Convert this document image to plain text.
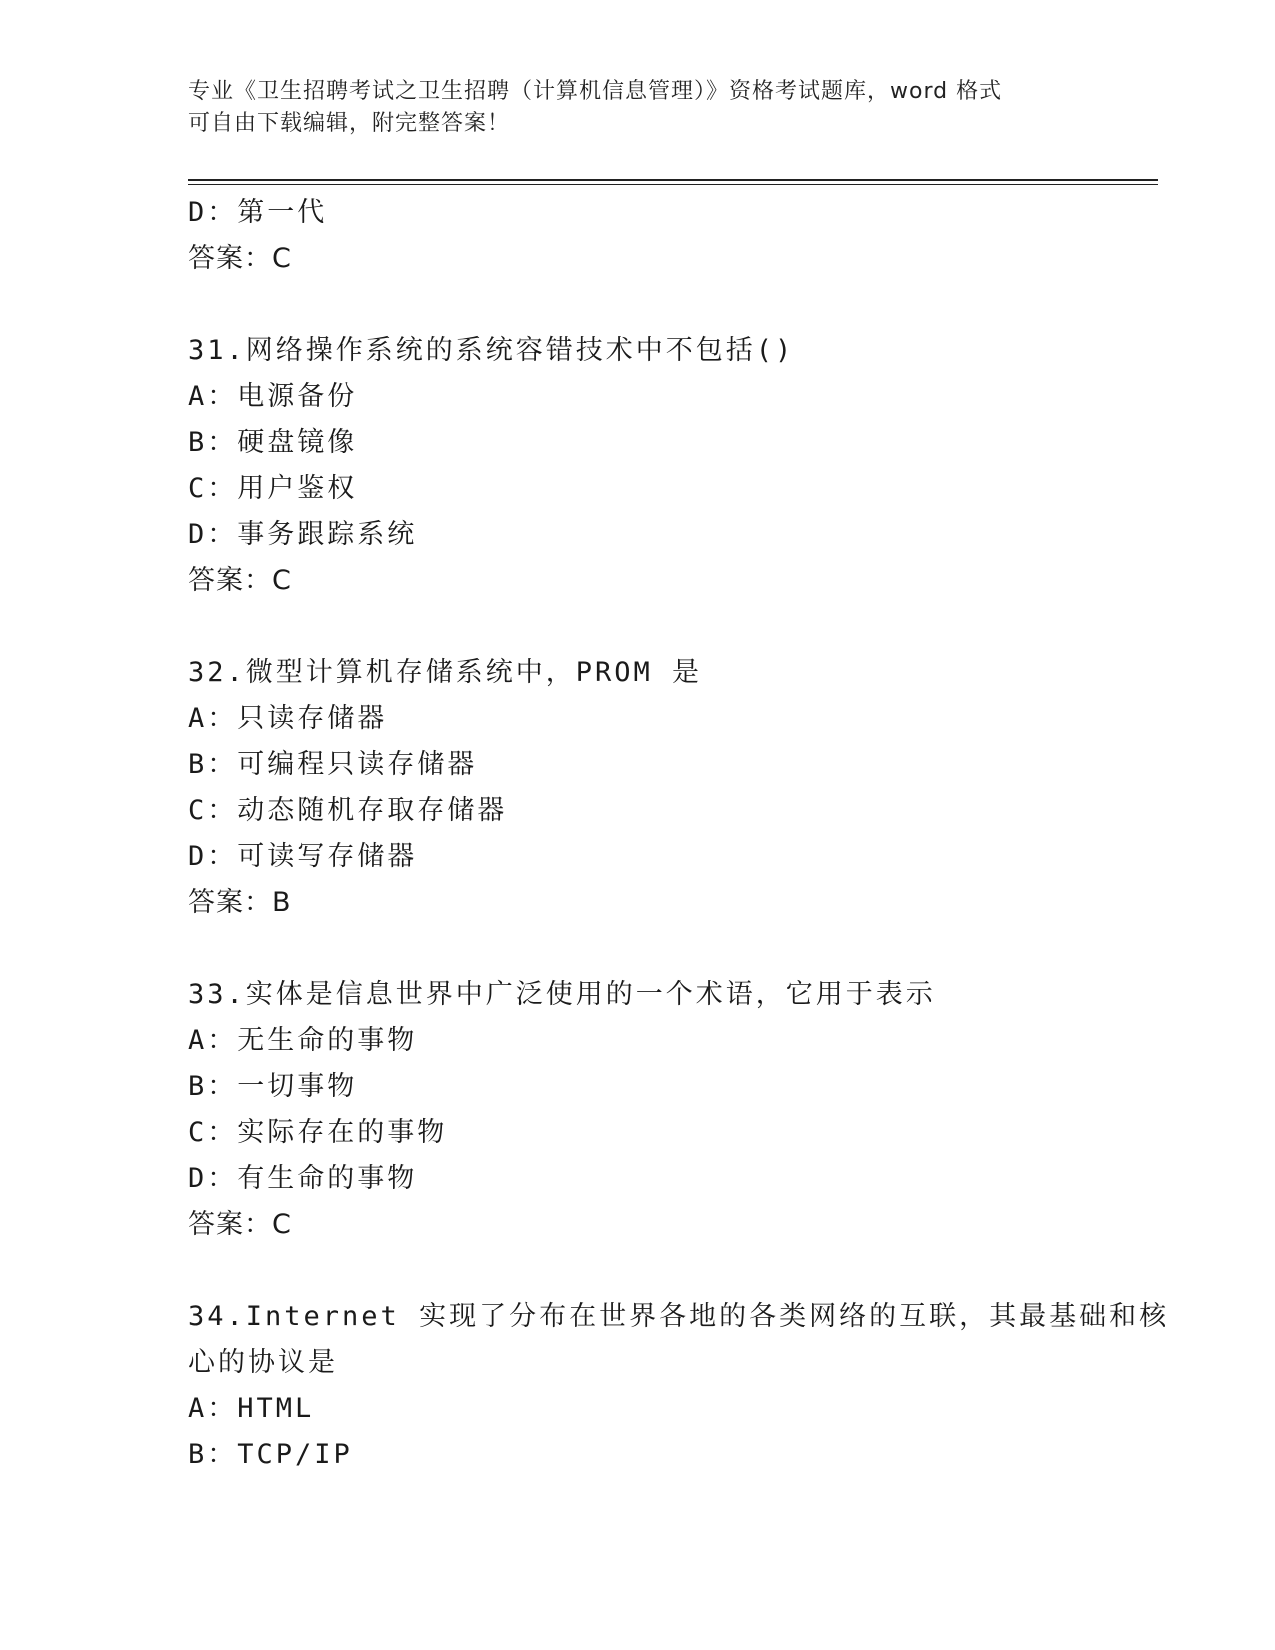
专业《卫生招聘考试之卫生招聘（计算机信息管理）》资格考试题库，word 格式
可自由下载编辑，附完整答案！
D：第一代
答案：C
31.网络操作系统的系统容错技术中不包括()
A：电源备份
B：硬盘镜像
C：用户鉴权
D：事务跟踪系统
答案：C
32.微型计算机存储系统中，PROM 是
A：只读存储器
B：可编程只读存储器
C：动态随机存取存储器
D：可读写存储器
答案：B
33.实体是信息世界中广泛使用的一个术语，它用于表示
A：无生命的事物
B：一切事物
C：实际存在的事物
D：有生命的事物
答案：C
34.Internet 实现了分布在世界各地的各类网络的互联，其最基础和核
心的协议是
A：HTML
B：TCP/IP
